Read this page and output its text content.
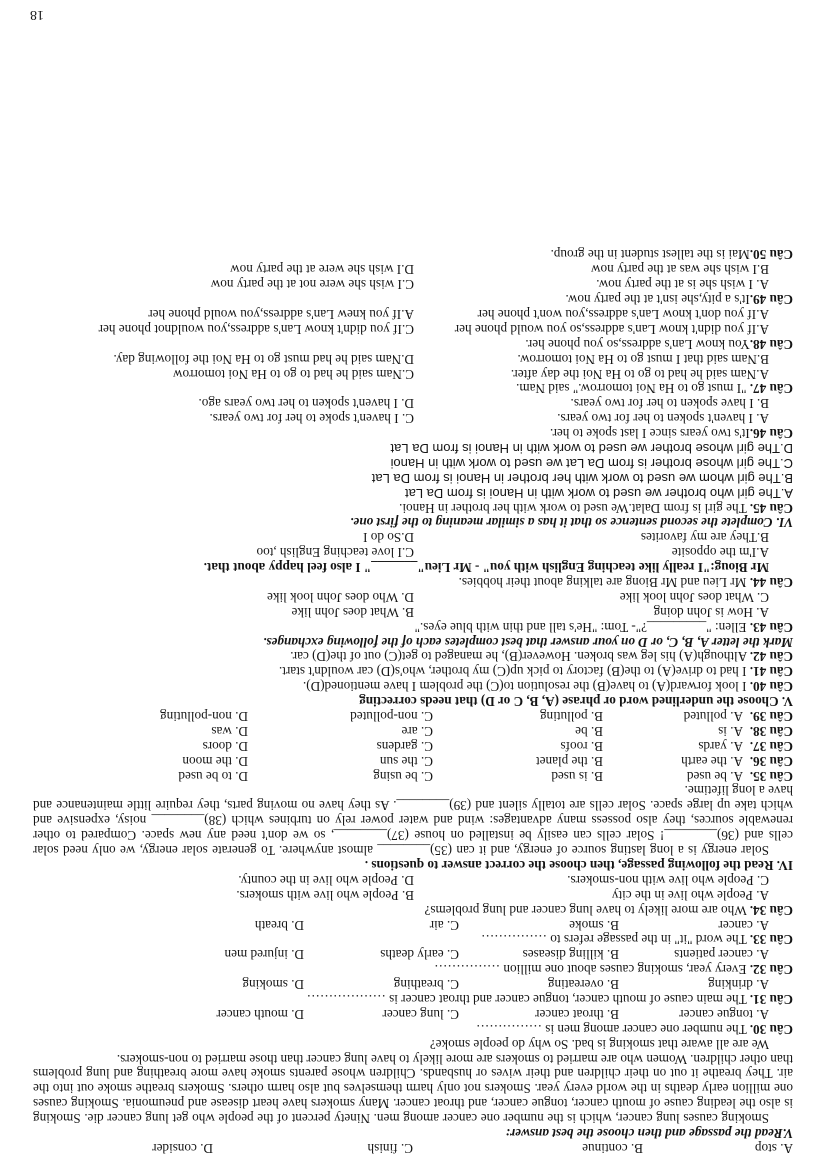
A. stop
B. continue
C. finish
D. consider
V.Read the passage and then choose the best answer:
Smoking causes lung cancer, which is the number one cancer among men. Ninety percent of the people who get lung cancer die. Smoking is also the leading cause of mouth cancer, tongue cancer, and throat cancer. Many smokers have heart disease and pneumonia. Smoking causes one million early deaths in the world every year. Smokers not only harm themselves but also harm others. Smokers breathe smoke out into the air. They breathe it out on their children and their wives or husbands. Children whose parents smoke have more breathing and lung problems than other children. Women who are married to smokers are more likely to have lung cancer than those married to non-smokers.
We are all aware that smoking is bad. So why do people smoke?
Câu 30. The number one cancer among men is ……………
A. tongue cancer
B. throat cancer
C. lung cancer
D. mouth cancer
Câu 31. The main cause of mouth cancer, tongue cancer and throat cancer is ………………
A. drinking
B. overeating
C. breathing
D. smoking
Câu 32. Every year, smoking causes about one million ……………
A. cancer patients
B. killing diseases
C. early deaths
D. injured men
Câu 33. The word "it" in the passage refers to ……………
A. cancer
B. smoke
C. air
D. breath
Câu 34. Who are more likely to have lung cancer and lung problems?
A. People who live in the city
B. People who live with smokers.
C. People who live with non-smokers.
D. People who live in the county.
IV. Read the following passage, then choose the correct answer to questions .
Solar energy is a long lasting source of energy, and it can (35)________ almost anywhere. To generate solar energy, we only need solar cells and (36)________! Solar cells can easily be installed on house (37)________, so we don't need any new space. Compared to other renewable sources, they also possess many advantages: wind and water power rely on turbines which (38)________ noisy, expensive and which take up large space. Solar cells are totally silent and (39)________. As they have no moving parts, they require little maintenance and have a long lifetime.
Câu 35.
A. be used
B. is used
C. be using
D. to be used
Câu 36.
A. the earth
B. the planet
C. the sun
D. the moon
Câu 37.
A. yards
B. roofs
C. gardens
D. doors
Câu 38.
A. is
B. be
C. are
D. was
Câu 39.
A. polluted
B. polluting
C. non-polluted
D. non-polluting
V. Choose the underlined word or phrase (A, B, C or D) that needs correcting
Câu 40. I look forward(A) to have(B) the resolution to(C) the problem I have mentioned(D).
Câu 41. I had to drive(A) to the(B) factory to pick up(C) my brother, who's(D) car wouldn't start.
Câu 42. Although(A) his leg was broken. However(B), he managed to get(C) out of the(D) car.
Mark the letter A, B, C, or D on your answer that best completes each of the following exchanges.
Câu 43. Ellen: "_________?"- Tom: "He's tall and thin with blue eyes."
A. How is John doing
B. What does John like
C. What does John look like
D. Who does John look like
Câu 44. Mr Lieu and Mr Biong are talking about their hobbies.
Mr Bioug:"I really like teaching English with you" - Mr Lieu"_______" I also feel happy about that.
A.I'm the opposite
C.I love teaching English ,too
B.They are my favorites
D.So do I
VI. Complete the second sentence so that it has a similar meaning to the first one.
Câu 45. The girl is from Dalat.We used to work with her brother in Hanoi.
A.The girl who brother we used to work with in Hanoi is from Da Lat
B.The girl whom we used to work with her brother in Hanoi is from Da Lat
C.The girl whose brother is from Da Lat we used to work with in Hanoi
D.The girl whose brother we used to work with in Hanoi is from Da Lat
Câu 46.It's two years since I last spoke to her.
A. I haven't spoken to her for two years.
C. I haven't spoke to her for two years.
B. I have spoken to her for two years.
D. I haven't spoken to her two years ago.
Câu 47. "I must go to Ha Noi tomorrow." said Nam.
A.Nam said he had to go to Ha Noi the day after.
C.Nam said he had to go to Ha Noi tomorrow
B.Nam said that I must go to Ha Noi tomorrow.
D.Nam said he had must go to Ha Noi the following day.
Câu 48.You know Lan's address,so you phone her.
A.If you didn't know Lan's address,so you would phone her
C.If you didn't know Lan's address,you wouldnot phone her
A.If you don't know Lan's address,you won't phone her
A.If you knew Lan's address,you would phone her
Câu 49.It's a pity,she isn't at the party now.
A. I wish she is at the party now.
C.I wish she were not at the party now
B.I wish she was at the party now
D.I wish she were at the party now
Câu 50.Mai is the tallest student in the group.
18
